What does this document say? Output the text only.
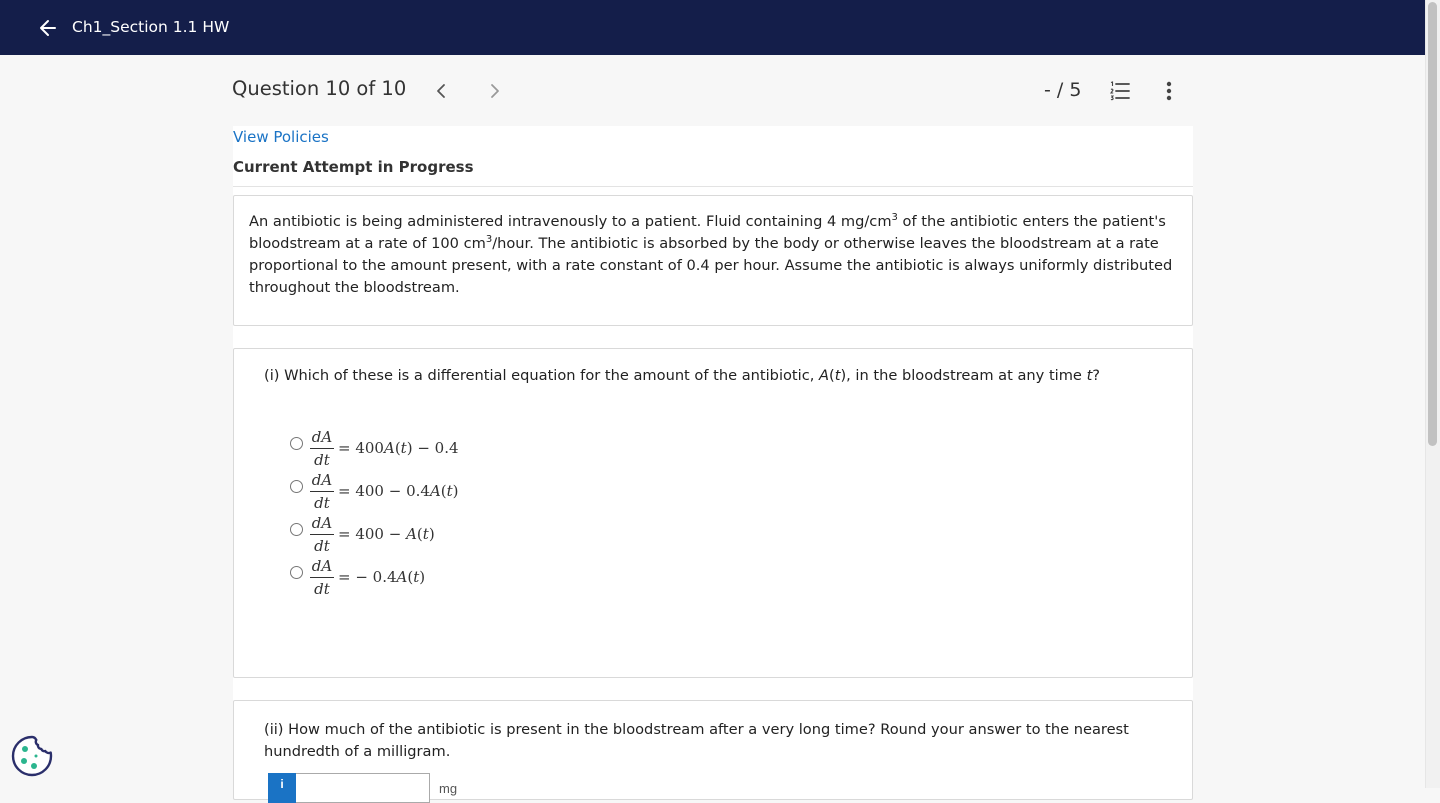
Ch1_Section 1.1 HW
Question 10 of 10	- / 5
View Policies
Current Attempt in Progress
An antibiotic is being administered intravenously to a patient. Fluid containing 4 $mg/cm^3$ of the antibiotic enters the patient's bloodstream at a rate of 100 $cm^3$/hour. The antibiotic is absorbed by the body or otherwise leaves the bloodstream at a rate proportional to the amount present, with a rate constant of 0.4 per hour. Assume the antibiotic is always uniformly distributed throughout the bloodstream.
(i) Which of these is a differential equation for the amount of the antibiotic, A(t), in the bloodstream at any time t?
$\frac{dA}{dt} = 400A(t) - 0.4$
$\frac{dA}{dt} = 400 - 0.4A(t)$
$\frac{dA}{dt} = 400 - A(t)$
$\frac{dA}{dt}$ = − 0.4A(t)
(ii) How much of the antibiotic is present in the bloodstream after a very long time? Round your answer to the nearest hundredth of a milligram.
i	mg
